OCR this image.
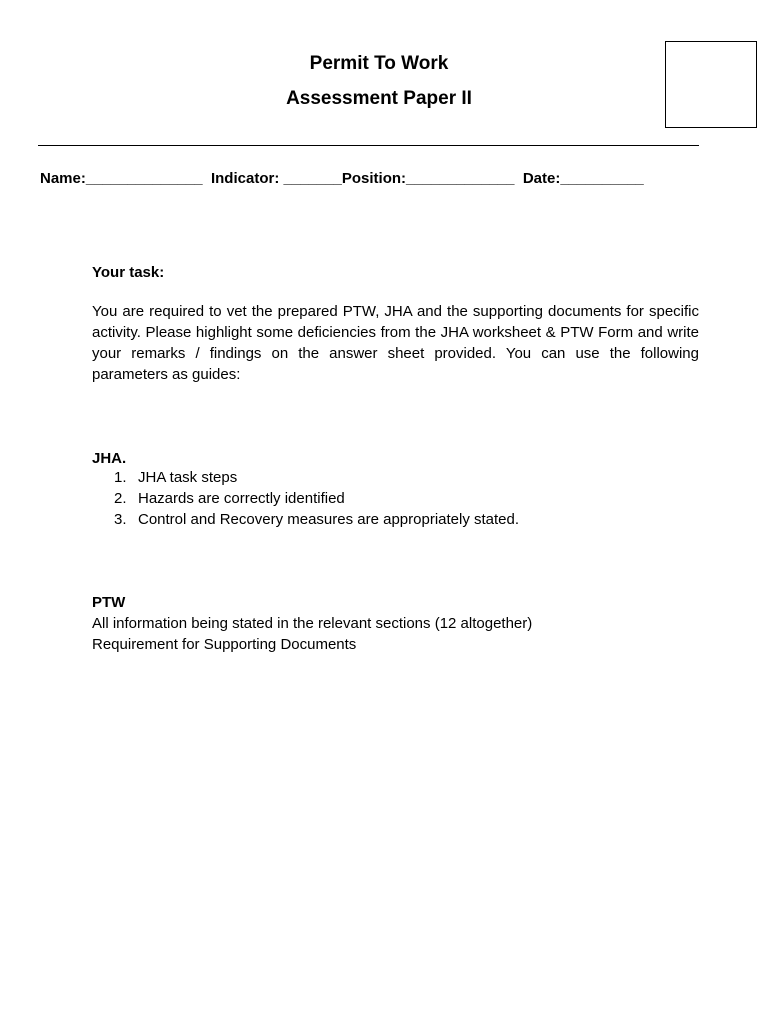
Permit To Work
Assessment Paper II
Name:______________  Indicator: _______Position:_____________  Date:__________
Your task:
You are required to vet the prepared PTW, JHA and the supporting documents for specific activity. Please highlight some deficiencies from the JHA worksheet & PTW Form and write your remarks / findings on the answer sheet provided. You can use the following parameters as guides:
JHA.
1. JHA task steps
2. Hazards are correctly identified
3. Control and Recovery measures are appropriately stated.
PTW
All information being stated in the relevant sections (12 altogether)
Requirement for Supporting Documents
